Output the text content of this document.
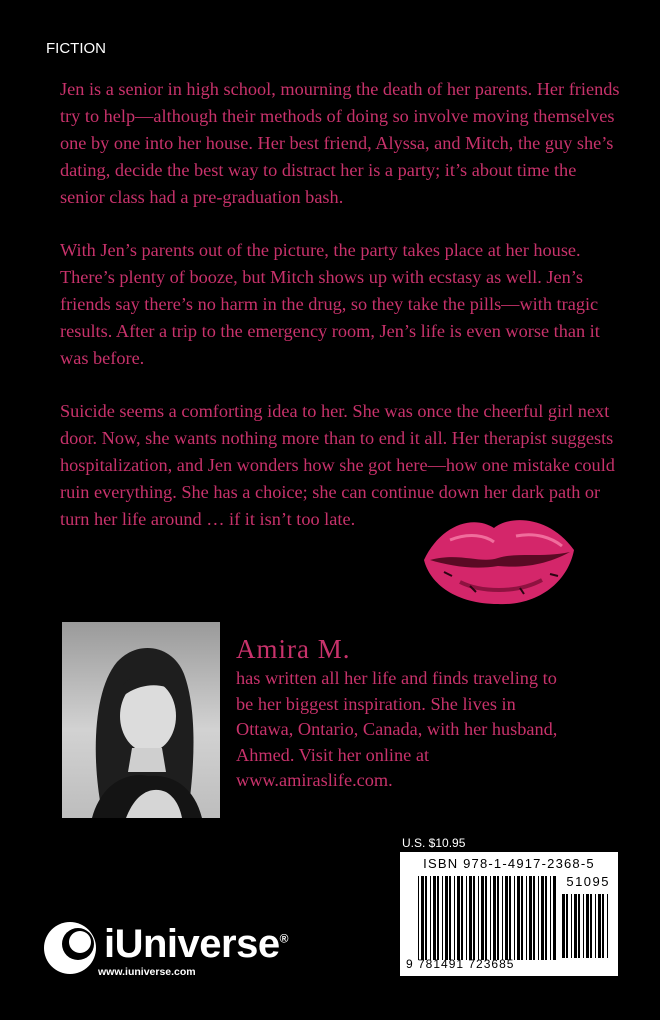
FICTION

Jen is a senior in high school, mourning the death of her parents. Her friends try to help—although their methods of doing so involve moving themselves one by one into her house. Her best friend, Alyssa, and Mitch, the guy she’s dating, decide the best way to distract her is a party; it’s about time the senior class had a pre-graduation bash.

With Jen’s parents out of the picture, the party takes place at her house. There’s plenty of booze, but Mitch shows up with ecstasy as well. Jen’s friends say there’s no harm in the drug, so they take the pills—with tragic results. After a trip to the emergency room, Jen’s life is even worse than it was before.

Suicide seems a comforting idea to her. She was once the cheerful girl next door. Now, she wants nothing more than to end it all. Her therapist suggests hospitalization, and Jen wonders how she got here—how one mistake could ruin everything. She has a choice; she can continue down her dark path or turn her life around … if it isn’t too late.

Amira M.
has written all her life and finds traveling to be her biggest inspiration. She lives in Ottawa, Ontario, Canada, with her husband, Ahmed. Visit her online at www.amiraslife.com.
U.S. $10.95
ISBN 978-1-4917-2368-5
51095
9 781491 723685
iUniverse®
www.iuniverse.com
